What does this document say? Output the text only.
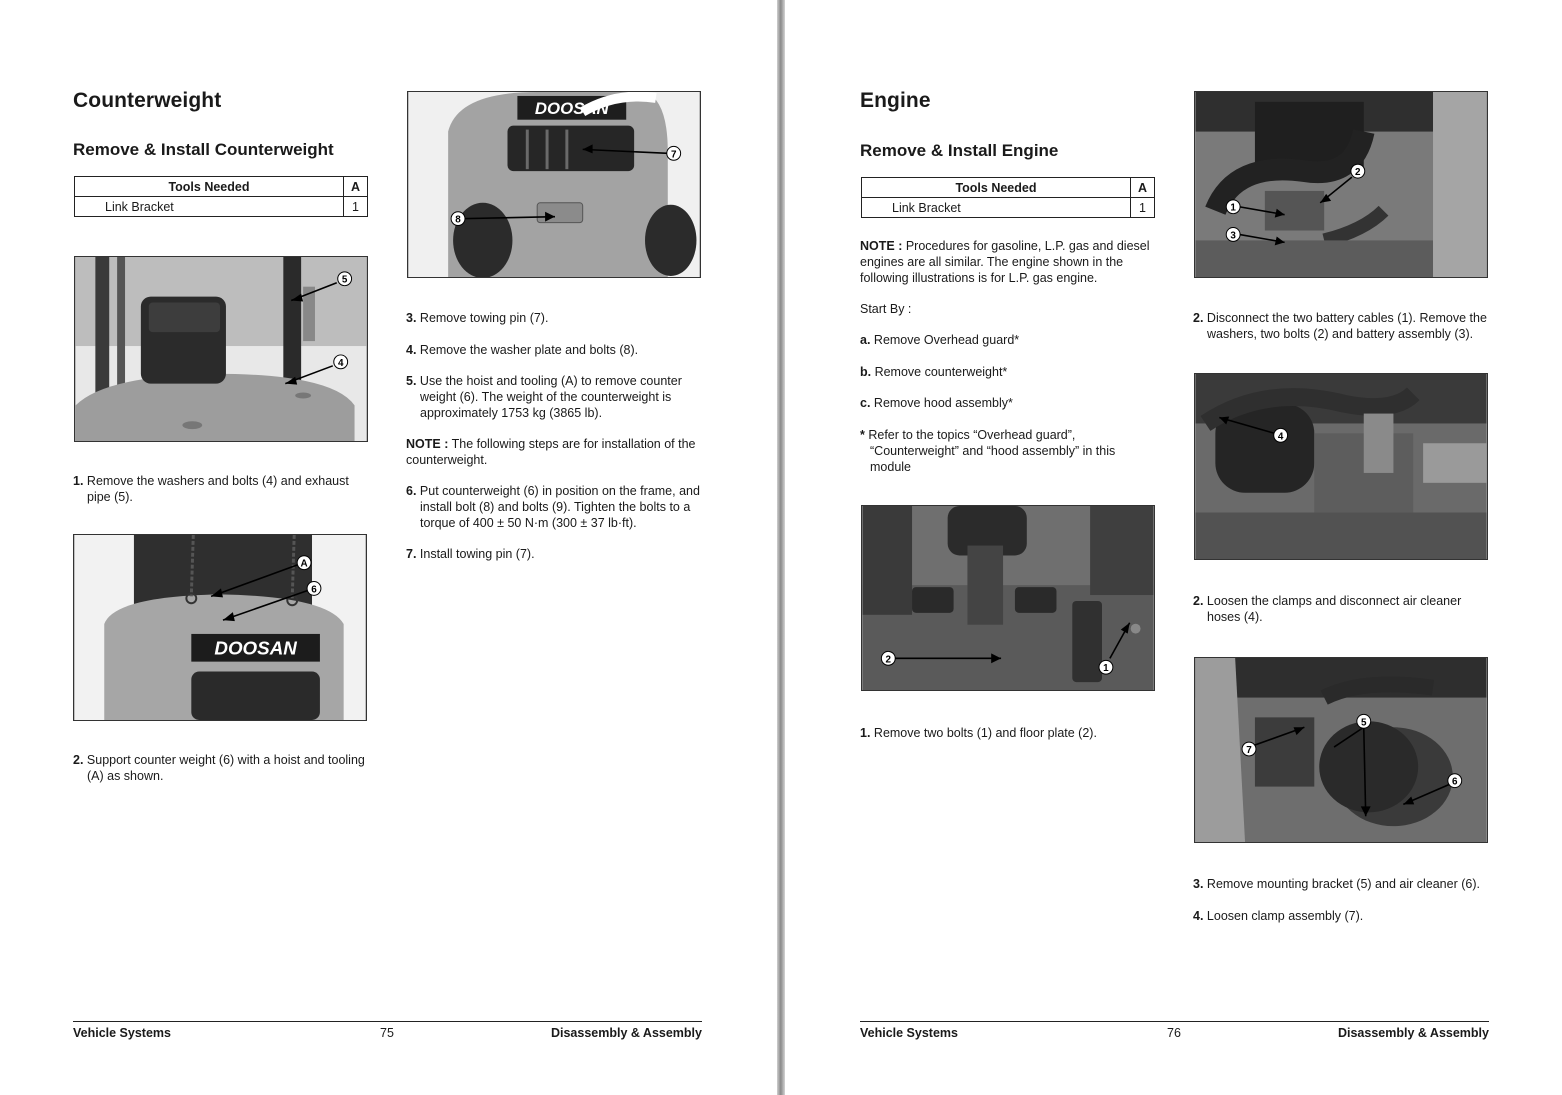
Counterweight
Remove & Install Counterweight
Tools Needed	A
Link Bracket	1
5
4
1. Remove the washers and bolts (4) and exhaust pipe (5).
DOOSAN
A
6
2. Support counter weight (6) with a hoist and tooling (A) as shown.
DOOSAN
7
8
3. Remove towing pin (7).
4. Remove the washer plate and bolts (8).
5. Use the hoist and tooling (A) to remove counter weight (6). The weight of the counterweight is approximately 1753 kg (3865 lb).
NOTE : The following steps are for installation of the counterweight.
6. Put counterweight (6) in position on the frame, and install bolt (8) and bolts (9). Tighten the bolts to a torque of 400 ± 50 N·m (300 ± 37 lb·ft).
7. Install towing pin (7).
Vehicle Systems	75	Disassembly & Assembly
Engine
Remove & Install Engine
Tools Needed	A
Link Bracket	1
NOTE : Procedures for gasoline, L.P. gas and diesel engines are all similar. The engine shown in the following illustrations is for L.P. gas engine.
Start By :
a. Remove Overhead guard*
b. Remove counterweight*
c. Remove hood assembly*
* Refer to the topics “Overhead guard”, “Counterweight” and “hood assembly” in this module
2
1
1. Remove two bolts (1) and floor plate (2).
2
1
3
2. Disconnect the two battery cables (1). Remove the washers, two bolts (2) and battery assembly (3).
4
2. Loosen the clamps and disconnect air cleaner hoses (4).
5
7
6
3. Remove mounting bracket (5) and air cleaner (6).
4. Loosen clamp assembly (7).
Vehicle Systems	76	Disassembly & Assembly
